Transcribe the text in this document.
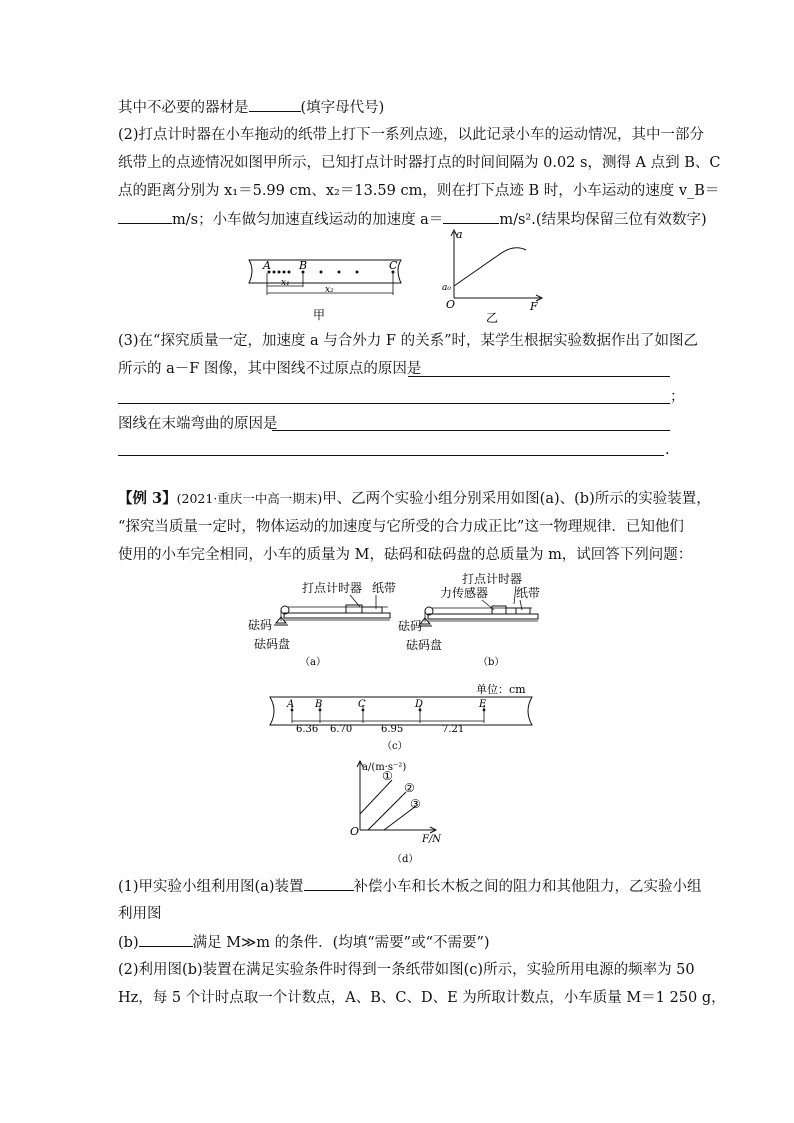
其中不必要的器材是	(填字母代号)
(2)打点计时器在小车拖动的纸带上打下一系列点迹，以此记录小车的运动情况，其中一部分
纸带上的点迹情况如图甲所示，已知打点计时器打点的时间间隔为 0.02 s，测得 A 点到 B、C
点的距离分别为 x₁＝5.99 cm、x₂＝13.59 cm，则在打下点迹 B 时，小车运动的速度 v_B＝
m/s；小车做匀加速直线运动的加速度 a＝	m/s².(结果均保留三位有效数字)
A	B	C
x₁
x₂
甲
a
a₀
O	F
乙
(3)在“探究质量一定，加速度 a 与合外力 F 的关系”时，某学生根据实验数据作出了如图乙
所示的 a－F 图像，其中图线不过原点的原因是
；
图线在末端弯曲的原因是
.
【例 3】(2021·重庆一中高一期末)甲、乙两个实验小组分别采用如图(a)、(b)所示的实验装置，
“探究当质量一定时，物体运动的加速度与它所受的合力成正比”这一物理规律．已知他们
使用的小车完全相同，小车的质量为 M，砝码和砝码盘的总质量为 m，试回答下列问题：
打点计时器 纸带
砝码
砝码盘
（a）
打点计时器
力传感器 纸带
砝码
砝码盘
（b）
单位：cm
A B	C	D	E
6.36 6.70	6.95	7.21
（c）
a/(m·s⁻²)
①
②
③
O
F/N
（d）
(1)甲实验小组利用图(a)装置	补偿小车和长木板之间的阻力和其他阻力，乙实验小组
利用图
(b)	满足 M≫m 的条件．(均填“需要”或“不需要”)
(2)利用图(b)装置在满足实验条件时得到一条纸带如图(c)所示，实验所用电源的频率为 50
Hz，每 5 个计时点取一个计数点，A、B、C、D、E 为所取计数点，小车质量 M＝1 250 g，
